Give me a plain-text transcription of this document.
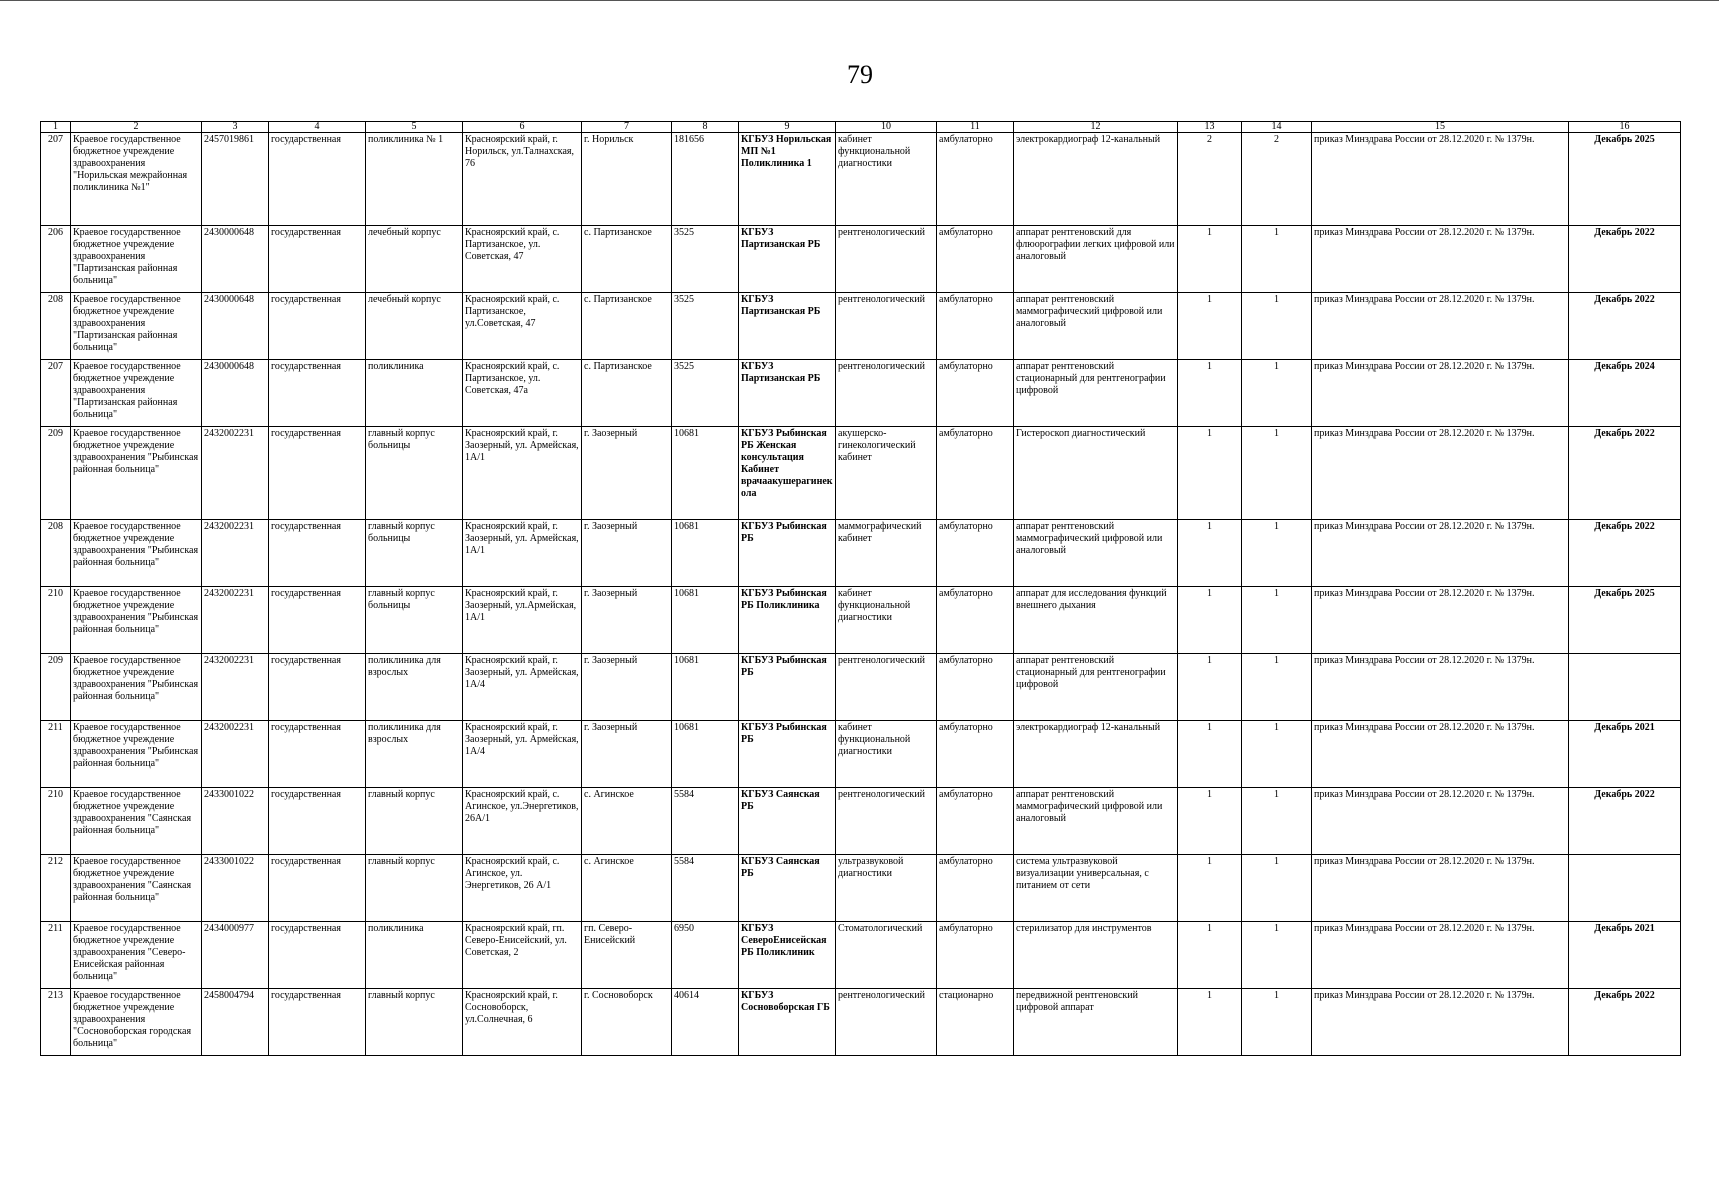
79
1	2	3	4	5	6	7	8	9	10	11	12	13	14	15	16
207	Краевое государственное бюджетное учреждение здравоохранения "Норильская межрайонная поликлиника №1"	2457019861	государственная	поликлиника № 1	Красноярский край, г. Норильск, ул.Талнахская, 76	г. Норильск	181656	КГБУЗ Норильская МП №1 Поликлиника 1	кабинет функциональной диагностики	амбулаторно	электрокардиограф 12-канальный	2	2	приказ Минздрава России от 28.12.2020 г. № 1379н.	Декабрь 2025
206	Краевое государственное бюджетное учреждение здравоохранения "Партизанская районная больница"	2430000648	государственная	лечебный корпус	Красноярский край, с. Партизанское, ул. Советская, 47	с. Партизанское	3525	КГБУЗ Партизанская РБ	рентгенологический	амбулаторно	аппарат рентгеновский для флюорографии легких цифровой или аналоговый	1	1	приказ Минздрава России от 28.12.2020 г. № 1379н.	Декабрь 2022
208	Краевое государственное бюджетное учреждение здравоохранения "Партизанская районная больница"	2430000648	государственная	лечебный корпус	Красноярский край, с. Партизанское, ул.Советская, 47	с. Партизанское	3525	КГБУЗ Партизанская РБ	рентгенологический	амбулаторно	аппарат рентгеновский маммографический цифровой или аналоговый	1	1	приказ Минздрава России от 28.12.2020 г. № 1379н.	Декабрь 2022
207	Краевое государственное бюджетное учреждение здравоохранения "Партизанская районная больница"	2430000648	государственная	поликлиника	Красноярский край, с. Партизанское, ул. Советская, 47а	с. Партизанское	3525	КГБУЗ Партизанская РБ	рентгенологический	амбулаторно	аппарат рентгеновский стационарный для рентгенографии цифровой	1	1	приказ Минздрава России от 28.12.2020 г. № 1379н.	Декабрь 2024
209	Краевое государственное бюджетное учреждение здравоохранения "Рыбинская районная больница"	2432002231	государственная	главный корпус больницы	Красноярский край, г. Заозерный, ул. Армейская, 1А/1	г. Заозерный	10681	КГБУЗ Рыбинская РБ Женская консультация Кабинет врачаакушерагинекола	акушерско-гинекологический кабинет	амбулаторно	Гистероскоп диагностический	1	1	приказ Минздрава России от 28.12.2020 г. № 1379н.	Декабрь 2022
208	Краевое государственное бюджетное учреждение здравоохранения "Рыбинская районная больница"	2432002231	государственная	главный корпус больницы	Красноярский край, г. Заозерный, ул. Армейская, 1А/1	г. Заозерный	10681	КГБУЗ Рыбинская РБ	маммографический кабинет	амбулаторно	аппарат рентгеновский маммографический цифровой или аналоговый	1	1	приказ Минздрава России от 28.12.2020 г. № 1379н.	Декабрь 2022
210	Краевое государственное бюджетное учреждение здравоохранения "Рыбинская районная больница"	2432002231	государственная	главный корпус больницы	Красноярский край, г. Заозерный, ул.Армейская, 1А/1	г. Заозерный	10681	КГБУЗ Рыбинская РБ Поликлиника	кабинет функциональной диагностики	амбулаторно	аппарат для исследования функций внешнего дыхания	1	1	приказ Минздрава России от 28.12.2020 г. № 1379н.	Декабрь 2025
209	Краевое государственное бюджетное учреждение здравоохранения "Рыбинская районная больница"	2432002231	государственная	поликлиника для взрослых	Красноярский край, г. Заозерный, ул. Армейская, 1А/4	г. Заозерный	10681	КГБУЗ Рыбинская РБ	рентгенологический	амбулаторно	аппарат рентгеновский стационарный для рентгенографии цифровой	1	1	приказ Минздрава России от 28.12.2020 г. № 1379н.	
211	Краевое государственное бюджетное учреждение здравоохранения "Рыбинская районная больница"	2432002231	государственная	поликлиника для взрослых	Красноярский край, г. Заозерный, ул. Армейская, 1А/4	г. Заозерный	10681	КГБУЗ Рыбинская РБ	кабинет функциональной диагностики	амбулаторно	электрокардиограф 12-канальный	1	1	приказ Минздрава России от 28.12.2020 г. № 1379н.	Декабрь 2021
210	Краевое государственное бюджетное учреждение здравоохранения "Саянская районная больница"	2433001022	государственная	главный корпус	Красноярский край, с. Агинское, ул.Энергетиков, 26А/1	с. Агинское	5584	КГБУЗ Саянская РБ	рентгенологический	амбулаторно	аппарат рентгеновский маммографический цифровой или аналоговый	1	1	приказ Минздрава России от 28.12.2020 г. № 1379н.	Декабрь 2022
212	Краевое государственное бюджетное учреждение здравоохранения "Саянская районная больница"	2433001022	государственная	главный корпус	Красноярский край, с. Агинское, ул. Энергетиков, 26 А/1	с. Агинское	5584	КГБУЗ Саянская РБ	ультразвуковой диагностики	амбулаторно	система ультразвуковой визуализации универсальная, с питанием от сети	1	1	приказ Минздрава России от 28.12.2020 г. № 1379н.	
211	Краевое государственное бюджетное учреждение здравоохранения "Северо-Енисейская районная больница"	2434000977	государственная	поликлиника	Красноярский край, гп. Северо-Енисейский, ул. Советская, 2	гп. Северо-Енисейский	6950	КГБУЗ СевероЕнисейская РБ Поликлиник	Стоматологический	амбулаторно	стерилизатор для инструментов	1	1	приказ Минздрава России от 28.12.2020 г. № 1379н.	Декабрь 2021
213	Краевое государственное бюджетное учреждение здравоохранения "Сосновоборская городская больница"	2458004794	государственная	главный корпус	Красноярский край, г. Сосновоборск, ул.Солнечная, 6	г. Сосновоборск	40614	КГБУЗ Сосновоборская ГБ	рентгенологический	стационарно	передвижной рентгеновский цифровой аппарат	1	1	приказ Минздрава России от 28.12.2020 г. № 1379н.	Декабрь 2022
